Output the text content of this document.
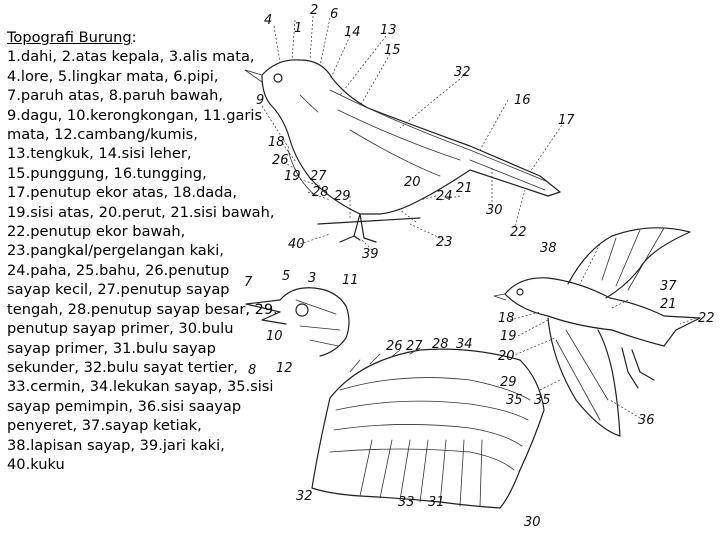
Topografi Burung:
1.dahi, 2.atas kepala, 3.alis mata,
4.lore, 5.lingkar mata, 6.pipi,
7.paruh atas, 8.paruh bawah,
9.dagu, 10.kerongkongan, 11.garis
mata, 12.cambang/kumis,
13.tengkuk, 14.sisi leher,
15.punggung, 16.tungging,
17.penutup ekor atas, 18.dada,
19.sisi atas, 20.perut, 21.sisi bawah,
22.penutup ekor bawah,
23.pangkal/pergelangan kaki,
24.paha, 25.bahu, 26.penutup
sayap kecil, 27.penutup sayap
tengah, 28.penutup sayap besar, 29.
penutup sayap primer, 30.bulu
sayap primer, 31.bulu sayap
sekunder, 32.bulu sayat tertier,
33.cermin, 34.lekukan sayap, 35.sisi
sayap pemimpin, 36.sisi saayap
penyeret, 37.sayap ketiak,
38.lapisan sayap, 39.jari kaki,
40.kuku
2 6
4
1	14 13
15
32
16
17
9
18
26
19 27
28 29
20	21
24
30
22
23
40
39
7 5 3 11
10
8 12
38
37
21
22
18
19
20
35
36
26 27 28 34
29
35
32	33 31
30
